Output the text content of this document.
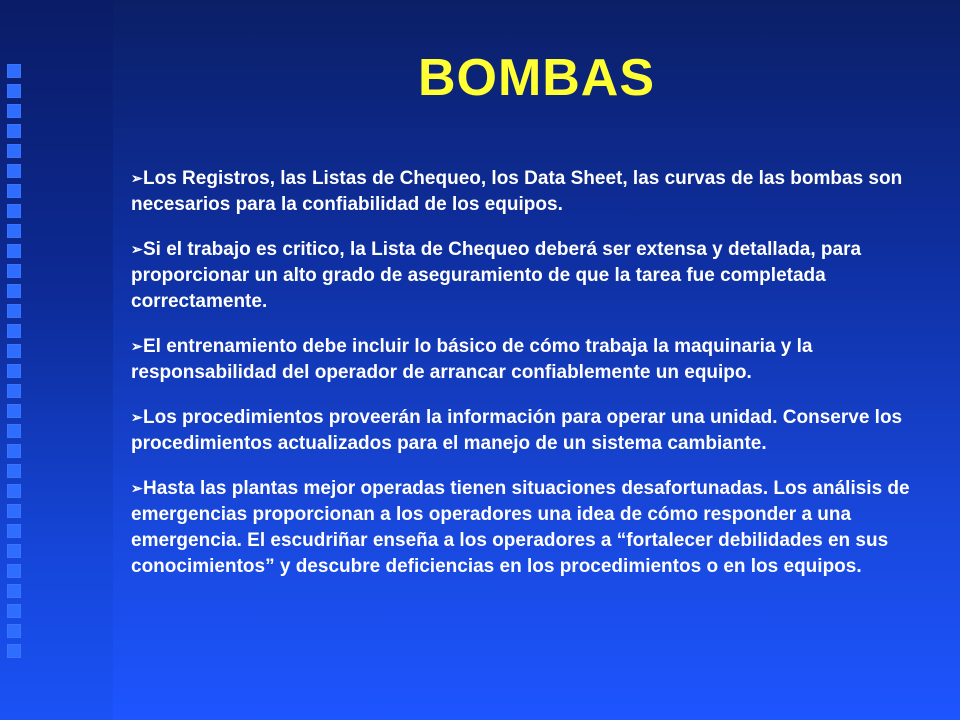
BOMBAS
➢Los Registros, las Listas de Chequeo, los Data Sheet, las curvas de las bombas son necesarios para la confiabilidad de los equipos.
➢Si el trabajo es critico, la Lista de Chequeo deberá ser extensa y detallada, para proporcionar un alto grado de aseguramiento de que la tarea fue completada correctamente.
➢El entrenamiento debe incluir lo básico de cómo trabaja la maquinaria y la responsabilidad del operador de arrancar confiablemente un equipo.
➢Los procedimientos proveerán la información para operar una unidad. Conserve los procedimientos actualizados para el manejo de un sistema cambiante.
➢Hasta las plantas mejor operadas tienen situaciones desafortunadas. Los análisis de emergencias proporcionan a los operadores una idea de cómo responder a una emergencia. El escudriñar enseña a los operadores a “fortalecer debilidades en sus conocimientos” y descubre deficiencias en los procedimientos o en los equipos.
